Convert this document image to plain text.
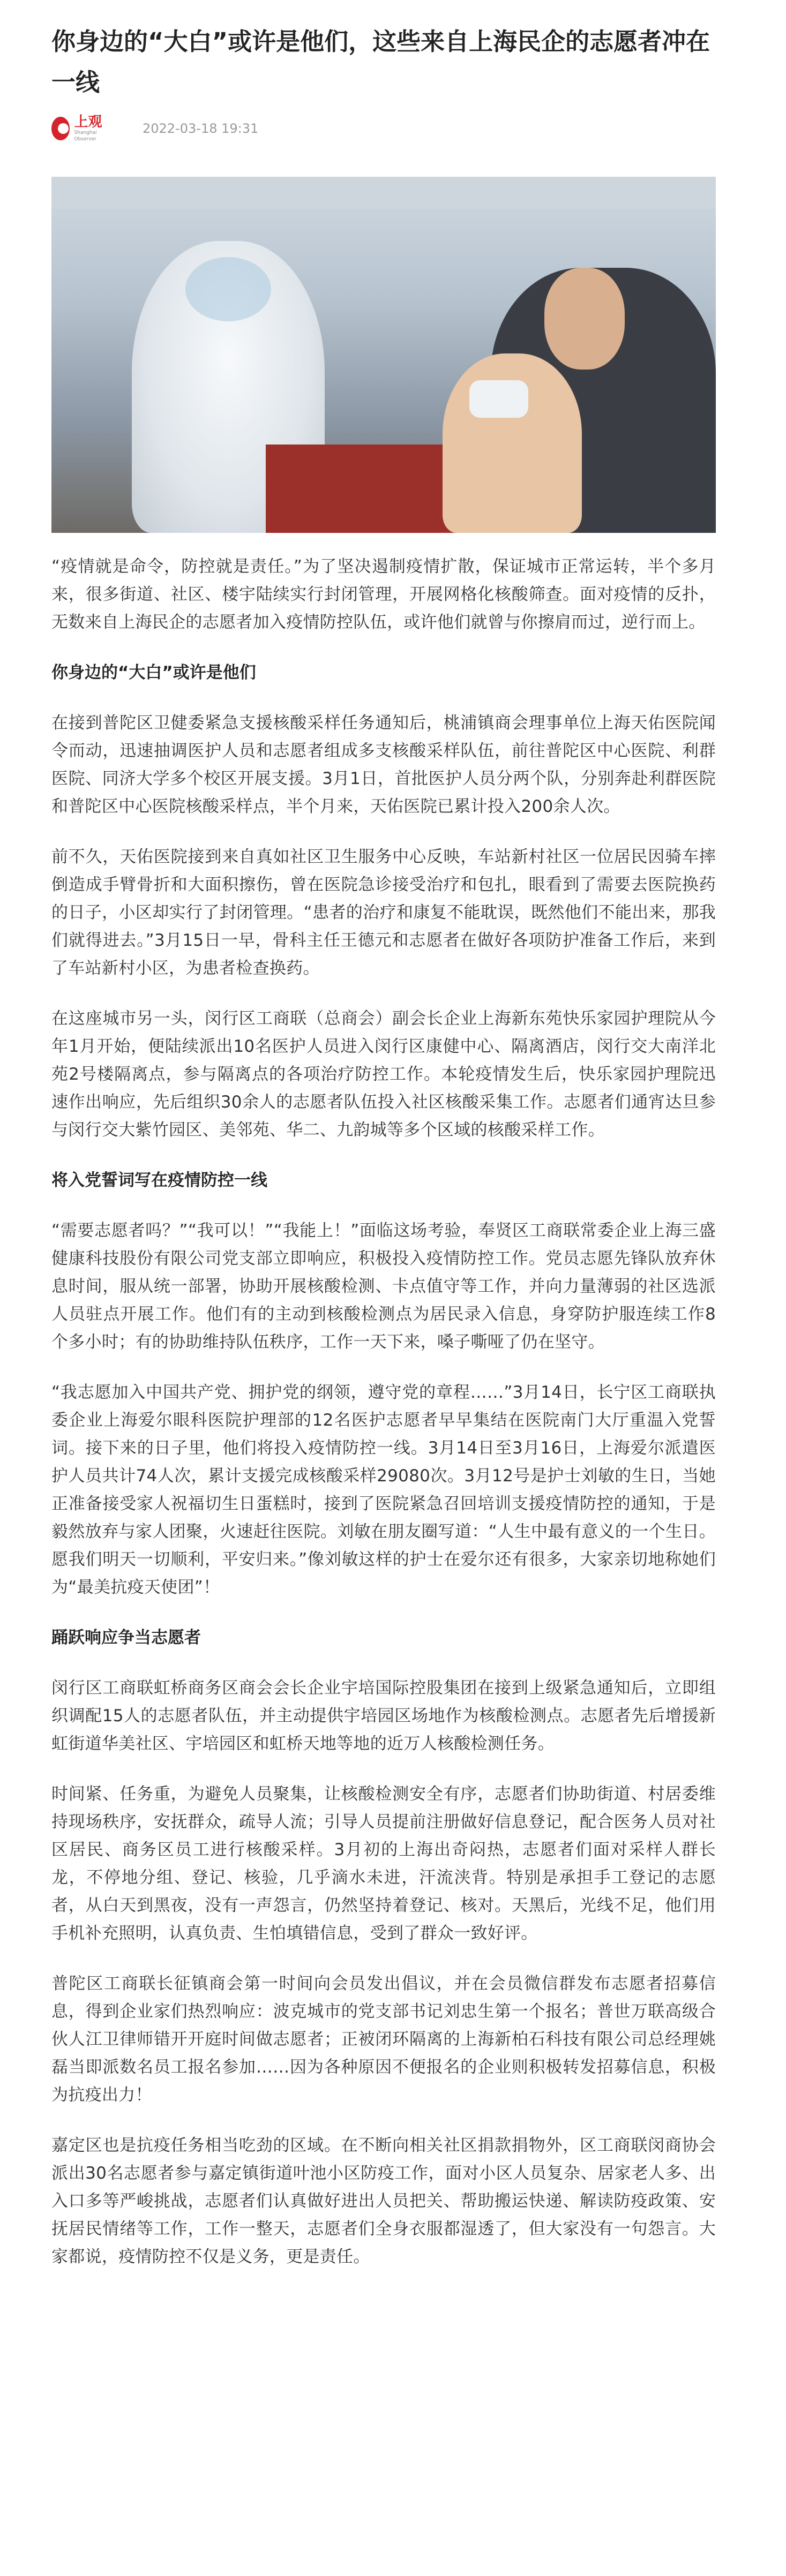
你身边的“大白”或许是他们，这些来自上海民企的志愿者冲在一线
上观
Shanghai Observer
2022-03-18 19:31

“疫情就是命令，防控就是责任。”为了坚决遏制疫情扩散，保证城市正常运转，半个多月来，很多街道、社区、楼宇陆续实行封闭管理，开展网格化核酸筛查。面对疫情的反扑，无数来自上海民企的志愿者加入疫情防控队伍，或许他们就曾与你擦肩而过，逆行而上。

你身边的“大白”或许是他们

在接到普陀区卫健委紧急支援核酸采样任务通知后，桃浦镇商会理事单位上海天佑医院闻令而动，迅速抽调医护人员和志愿者组成多支核酸采样队伍，前往普陀区中心医院、利群医院、同济大学多个校区开展支援。3月1日，首批医护人员分两个队，分别奔赴利群医院和普陀区中心医院核酸采样点，半个月来，天佑医院已累计投入200余人次。

前不久，天佑医院接到来自真如社区卫生服务中心反映，车站新村社区一位居民因骑车摔倒造成手臂骨折和大面积擦伤，曾在医院急诊接受治疗和包扎，眼看到了需要去医院换药的日子，小区却实行了封闭管理。“患者的治疗和康复不能耽误，既然他们不能出来，那我们就得进去。”3月15日一早，骨科主任王德元和志愿者在做好各项防护准备工作后，来到了车站新村小区，为患者检查换药。

在这座城市另一头，闵行区工商联（总商会）副会长企业上海新东苑快乐家园护理院从今年1月开始，便陆续派出10名医护人员进入闵行区康健中心、隔离酒店，闵行交大南洋北苑2号楼隔离点，参与隔离点的各项治疗防控工作。本轮疫情发生后，快乐家园护理院迅速作出响应，先后组织30余人的志愿者队伍投入社区核酸采集工作。志愿者们通宵达旦参与闵行交大紫竹园区、美邻苑、华二、九韵城等多个区域的核酸采样工作。

将入党誓词写在疫情防控一线

“需要志愿者吗？”“我可以！”“我能上！”面临这场考验，奉贤区工商联常委企业上海三盛健康科技股份有限公司党支部立即响应，积极投入疫情防控工作。党员志愿先锋队放弃休息时间，服从统一部署，协助开展核酸检测、卡点值守等工作，并向力量薄弱的社区选派人员驻点开展工作。他们有的主动到核酸检测点为居民录入信息，身穿防护服连续工作8个多小时；有的协助维持队伍秩序，工作一天下来，嗓子嘶哑了仍在坚守。

“我志愿加入中国共产党、拥护党的纲领，遵守党的章程……”3月14日，长宁区工商联执委企业上海爱尔眼科医院护理部的12名医护志愿者早早集结在医院南门大厅重温入党誓词。接下来的日子里，他们将投入疫情防控一线。3月14日至3月16日，上海爱尔派遣医护人员共计74人次，累计支援完成核酸采样29080次。3月12号是护士刘敏的生日，当她正准备接受家人祝福切生日蛋糕时，接到了医院紧急召回培训支援疫情防控的通知，于是毅然放弃与家人团聚，火速赶往医院。刘敏在朋友圈写道：“人生中最有意义的一个生日。愿我们明天一切顺利，平安归来。”像刘敏这样的护士在爱尔还有很多，大家亲切地称她们为“最美抗疫天使团”！

踊跃响应争当志愿者

闵行区工商联虹桥商务区商会会长企业宇培国际控股集团在接到上级紧急通知后，立即组织调配15人的志愿者队伍，并主动提供宇培园区场地作为核酸检测点。志愿者先后增援新虹街道华美社区、宇培园区和虹桥天地等地的近万人核酸检测任务。

时间紧、任务重，为避免人员聚集，让核酸检测安全有序，志愿者们协助街道、村居委维持现场秩序，安抚群众，疏导人流；引导人员提前注册做好信息登记，配合医务人员对社区居民、商务区员工进行核酸采样。3月初的上海出奇闷热，志愿者们面对采样人群长龙，不停地分组、登记、核验，几乎滴水未进，汗流浃背。特别是承担手工登记的志愿者，从白天到黑夜，没有一声怨言，仍然坚持着登记、核对。天黑后，光线不足，他们用手机补充照明，认真负责、生怕填错信息，受到了群众一致好评。

普陀区工商联长征镇商会第一时间向会员发出倡议，并在会员微信群发布志愿者招募信息，得到企业家们热烈响应：波克城市的党支部书记刘忠生第一个报名；普世万联高级合伙人江卫律师错开开庭时间做志愿者；正被闭环隔离的上海新柏石科技有限公司总经理姚磊当即派数名员工报名参加……因为各种原因不便报名的企业则积极转发招募信息，积极为抗疫出力！

嘉定区也是抗疫任务相当吃劲的区域。在不断向相关社区捐款捐物外，区工商联闵商协会派出30名志愿者参与嘉定镇街道叶池小区防疫工作，面对小区人员复杂、居家老人多、出入口多等严峻挑战，志愿者们认真做好进出人员把关、帮助搬运快递、解读防疫政策、安抚居民情绪等工作，工作一整天，志愿者们全身衣服都湿透了，但大家没有一句怨言。大家都说，疫情防控不仅是义务，更是责任。
